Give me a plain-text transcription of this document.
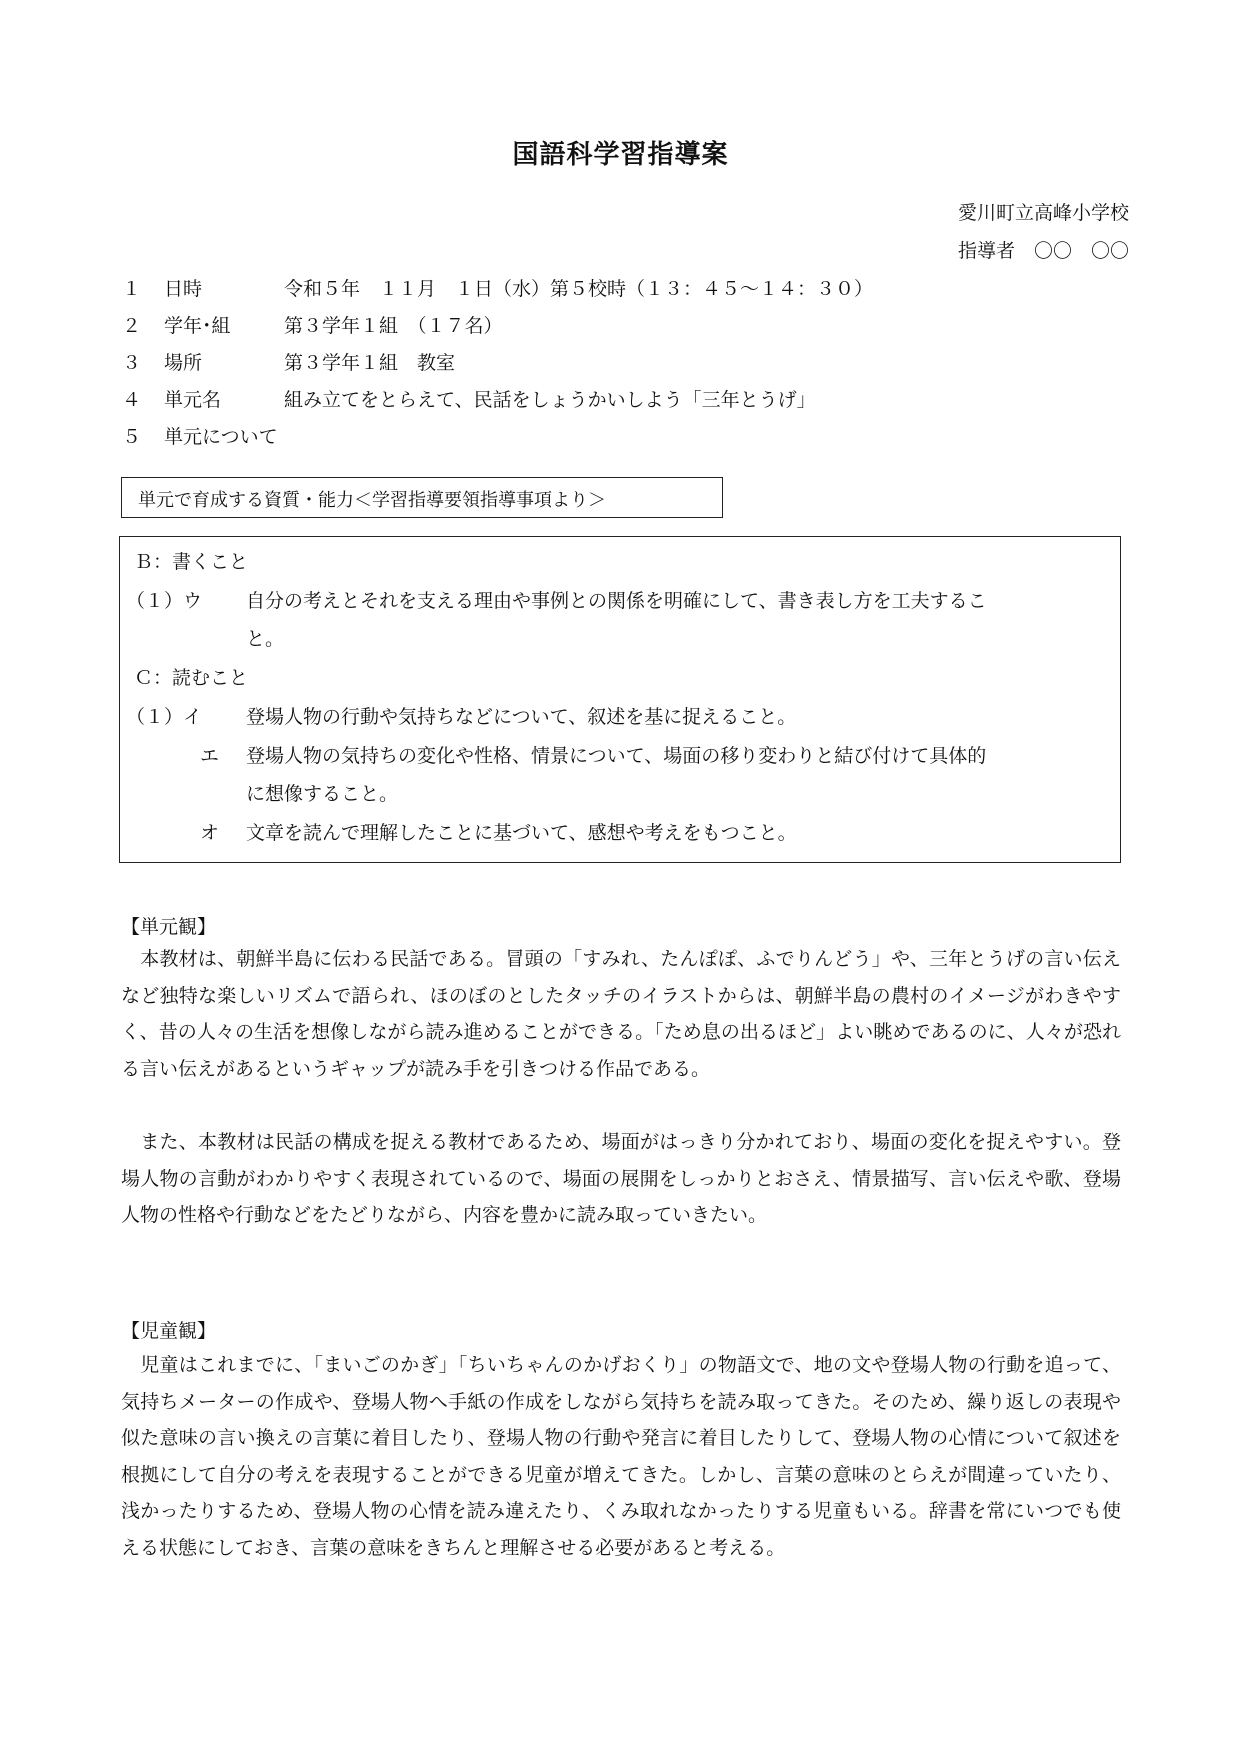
国語科学習指導案
愛川町立高峰小学校
指導者　〇〇　〇〇
１ 日時	令和５年　１１月　１日（水）第５校時（１３：４５～１４：３０）
２ 学年･組	第３学年１組　（１７名）
３ 場所	第３学年１組　教室
４ 単元名	組み立てをとらえて、民話をしょうかいしよう「三年とうげ」
５ 単元について
単元で育成する資質・能力＜学習指導要領指導事項より＞
Ｂ：書くこと
（１）ウ 自分の考えとそれを支える理由や事例との関係を明確にして、書き表し方を工夫するこ
と。
Ｃ：読むこと
（１）イ 登場人物の行動や気持ちなどについて、叙述を基に捉えること。
エ 登場人物の気持ちの変化や性格、情景について、場面の移り変わりと結び付けて具体的
に想像すること。
オ 文章を読んで理解したことに基づいて、感想や考えをもつこと。
【単元観】

　本教材は、朝鮮半島に伝わる民話である。冒頭の「すみれ、たんぽぽ、ふでりんどう」や、三年とうげの言い伝えなど独特な楽しいリズムで語られ、ほのぼのとしたタッチのイラストからは、朝鮮半島の農村のイメージがわきやすく、昔の人々の生活を想像しながら読み進めることができる。「ため息の出るほど」よい眺めであるのに、人々が恐れる言い伝えがあるというギャップが読み手を引きつける作品である。

　また、本教材は民話の構成を捉える教材であるため、場面がはっきり分かれており、場面の変化を捉えやすい。登場人物の言動がわかりやすく表現されているので、場面の展開をしっかりとおさえ、情景描写、言い伝えや歌、登場人物の性格や行動などをたどりながら、内容を豊かに読み取っていきたい。

【児童観】

　児童はこれまでに、「まいごのかぎ」「ちいちゃんのかげおくり」の物語文で、地の文や登場人物の行動を追って、気持ちメーターの作成や、登場人物へ手紙の作成をしながら気持ちを読み取ってきた。そのため、繰り返しの表現や似た意味の言い換えの言葉に着目したり、登場人物の行動や発言に着目したりして、登場人物の心情について叙述を根拠にして自分の考えを表現することができる児童が増えてきた。しかし、言葉の意味のとらえが間違っていたり、浅かったりするため、登場人物の心情を読み違えたり、くみ取れなかったりする児童もいる。辞書を常にいつでも使える状態にしておき、言葉の意味をきちんと理解させる必要があると考える。
